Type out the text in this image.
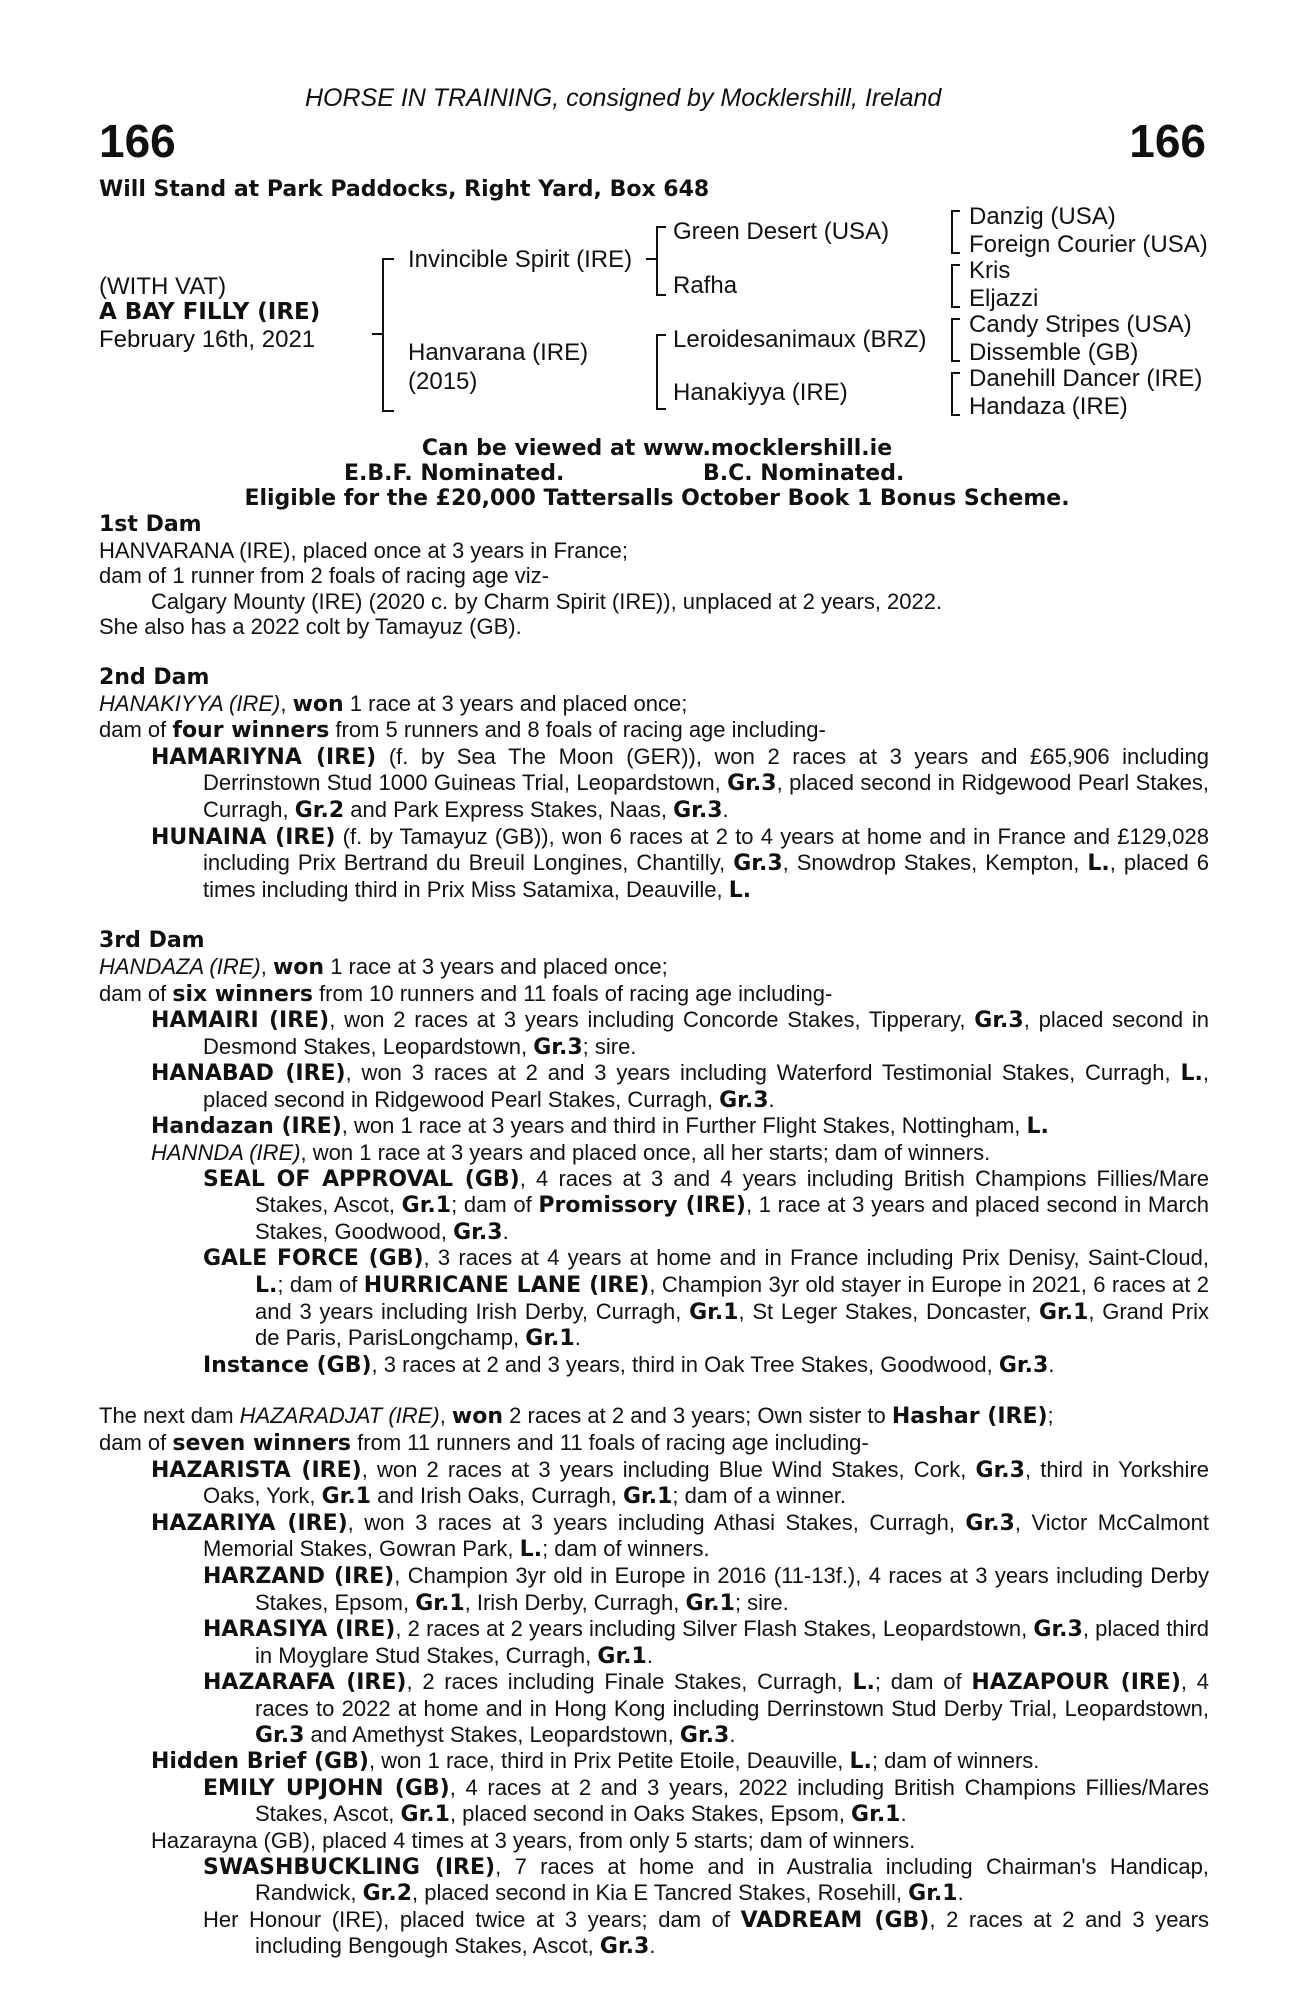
HORSE IN TRAINING, consigned by Mocklershill, Ireland
166	166
Will Stand at Park Paddocks, Right Yard, Box 648
(WITH VAT)
A BAY FILLY (IRE)
February 16th, 2021
Invincible Spirit (IRE)
Hanvarana (IRE)
(2015)
Green Desert (USA)
Rafha
Leroidesanimaux (BRZ)
Hanakiyya (IRE)
Danzig (USA)
Foreign Courier (USA)
Kris
Eljazzi
Candy Stripes (USA)
Dissemble (GB)
Danehill Dancer (IRE)
Handaza (IRE)
Can be viewed at www.mocklershill.ie
E.B.F. Nominated.	B.C. Nominated.
Eligible for the £20,000 Tattersalls October Book 1 Bonus Scheme.
1st Dam
HANVARANA (IRE), placed once at 3 years in France;
dam of 1 runner from 2 foals of racing age viz-
Calgary Mounty (IRE) (2020 c. by Charm Spirit (IRE)), unplaced at 2 years, 2022.
She also has a 2022 colt by Tamayuz (GB).
2nd Dam
HANAKIYYA (IRE), won 1 race at 3 years and placed once;
dam of four winners from 5 runners and 8 foals of racing age including-
HAMARIYNA (IRE) (f. by Sea The Moon (GER)), won 2 races at 3 years and £65,906 including Derrinstown Stud 1000 Guineas Trial, Leopardstown, Gr.3, placed second in Ridgewood Pearl Stakes, Curragh, Gr.2 and Park Express Stakes, Naas, Gr.3.
HUNAINA (IRE) (f. by Tamayuz (GB)), won 6 races at 2 to 4 years at home and in France and £129,028 including Prix Bertrand du Breuil Longines, Chantilly, Gr.3, Snowdrop Stakes, Kempton, L., placed 6 times including third in Prix Miss Satamixa, Deauville, L.
3rd Dam
HANDAZA (IRE), won 1 race at 3 years and placed once;
dam of six winners from 10 runners and 11 foals of racing age including-
HAMAIRI (IRE), won 2 races at 3 years including Concorde Stakes, Tipperary, Gr.3, placed second in Desmond Stakes, Leopardstown, Gr.3; sire.
HANABAD (IRE), won 3 races at 2 and 3 years including Waterford Testimonial Stakes, Curragh, L., placed second in Ridgewood Pearl Stakes, Curragh, Gr.3.
Handazan (IRE), won 1 race at 3 years and third in Further Flight Stakes, Nottingham, L.
HANNDA (IRE), won 1 race at 3 years and placed once, all her starts; dam of winners.
SEAL OF APPROVAL (GB), 4 races at 3 and 4 years including British Champions Fillies/Mare Stakes, Ascot, Gr.1; dam of Promissory (IRE), 1 race at 3 years and placed second in March Stakes, Goodwood, Gr.3.
GALE FORCE (GB), 3 races at 4 years at home and in France including Prix Denisy, Saint-Cloud, L.; dam of HURRICANE LANE (IRE), Champion 3yr old stayer in Europe in 2021, 6 races at 2 and 3 years including Irish Derby, Curragh, Gr.1, St Leger Stakes, Doncaster, Gr.1, Grand Prix de Paris, ParisLongchamp, Gr.1.
Instance (GB), 3 races at 2 and 3 years, third in Oak Tree Stakes, Goodwood, Gr.3.
The next dam HAZARADJAT (IRE), won 2 races at 2 and 3 years; Own sister to Hashar (IRE);
dam of seven winners from 11 runners and 11 foals of racing age including-
HAZARISTA (IRE), won 2 races at 3 years including Blue Wind Stakes, Cork, Gr.3, third in Yorkshire Oaks, York, Gr.1 and Irish Oaks, Curragh, Gr.1; dam of a winner.
HAZARIYA (IRE), won 3 races at 3 years including Athasi Stakes, Curragh, Gr.3, Victor McCalmont Memorial Stakes, Gowran Park, L.; dam of winners.
HARZAND (IRE), Champion 3yr old in Europe in 2016 (11-13f.), 4 races at 3 years including Derby Stakes, Epsom, Gr.1, Irish Derby, Curragh, Gr.1; sire.
HARASIYA (IRE), 2 races at 2 years including Silver Flash Stakes, Leopardstown, Gr.3, placed third in Moyglare Stud Stakes, Curragh, Gr.1.
HAZARAFA (IRE), 2 races including Finale Stakes, Curragh, L.; dam of HAZAPOUR (IRE), 4 races to 2022 at home and in Hong Kong including Derrinstown Stud Derby Trial, Leopardstown, Gr.3 and Amethyst Stakes, Leopardstown, Gr.3.
Hidden Brief (GB), won 1 race, third in Prix Petite Etoile, Deauville, L.; dam of winners.
EMILY UPJOHN (GB), 4 races at 2 and 3 years, 2022 including British Champions Fillies/Mares Stakes, Ascot, Gr.1, placed second in Oaks Stakes, Epsom, Gr.1.
Hazarayna (GB), placed 4 times at 3 years, from only 5 starts; dam of winners.
SWASHBUCKLING (IRE), 7 races at home and in Australia including Chairman's Handicap, Randwick, Gr.2, placed second in Kia E Tancred Stakes, Rosehill, Gr.1.
Her Honour (IRE), placed twice at 3 years; dam of VADREAM (GB), 2 races at 2 and 3 years including Bengough Stakes, Ascot, Gr.3.
